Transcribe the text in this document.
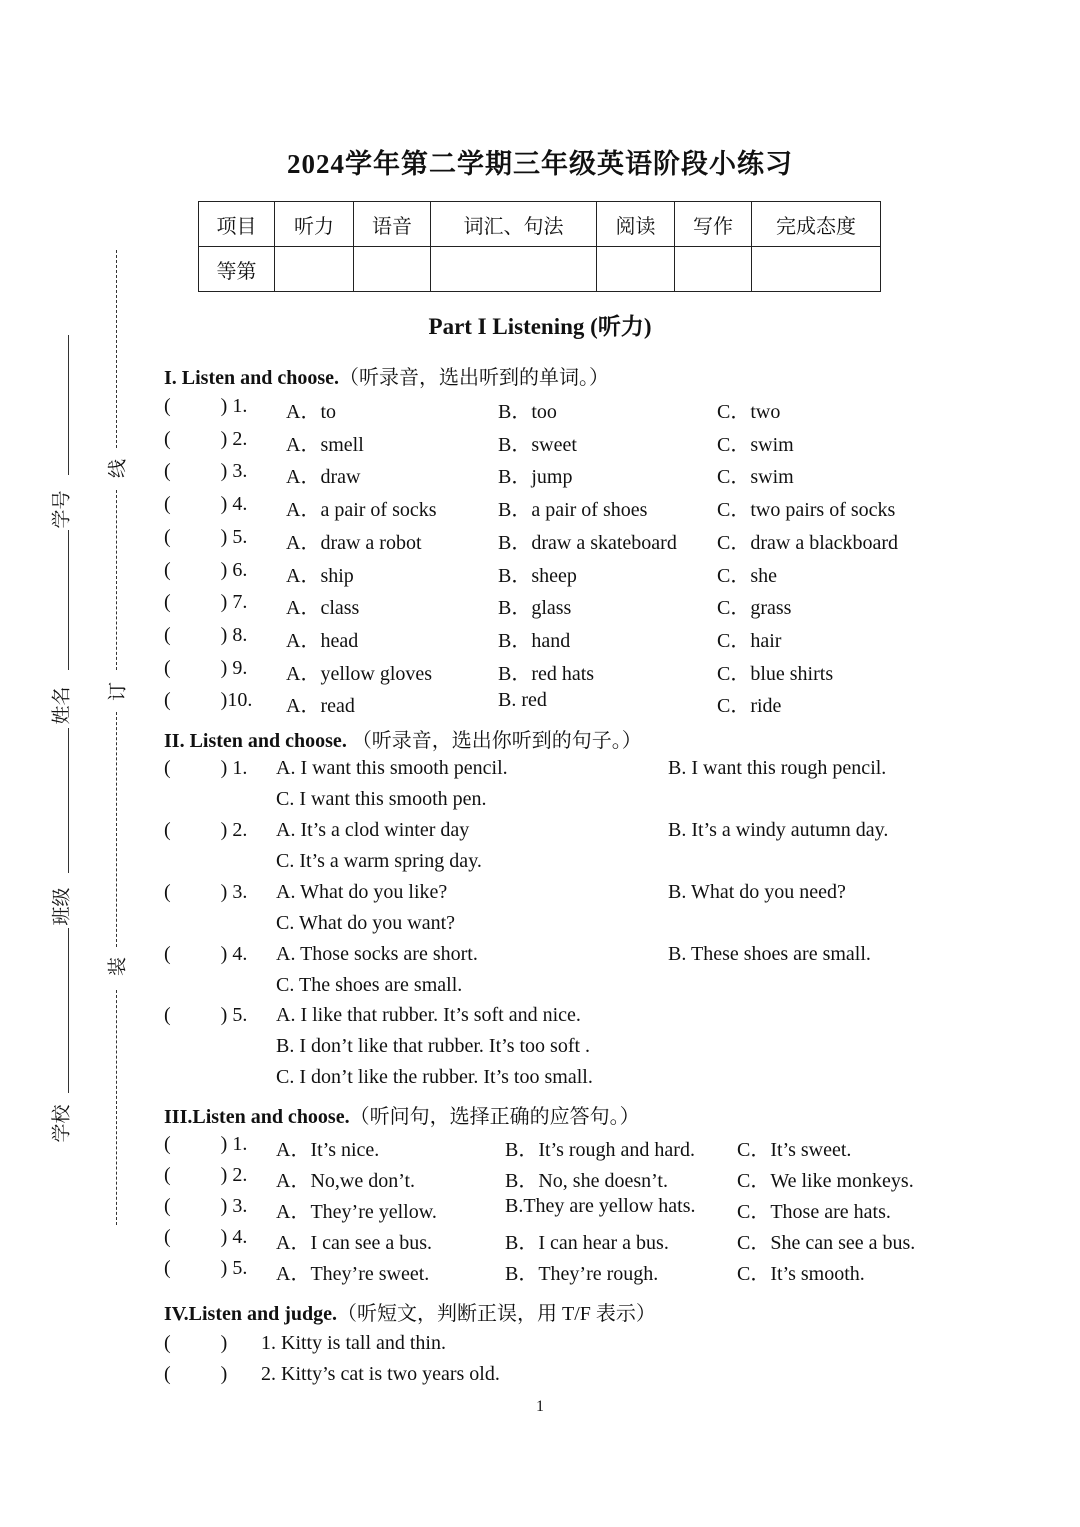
学号
姓名
班级
学校
线
订
装
2024学年第二学期三年级英语阶段小练习
项目	听力	语音	词汇、句法	阅读	写作	完成态度
等第						
Part I Listening (听力)
I. Listen and choose.（听录音，选出听到的单词。）
(    ) 1. A．to	B．too	C．two
(    ) 2. A．smell	B．sweet	C．swim
(    ) 3. A．draw	B．jump	C．swim
(    ) 4. A．a pair of socks	B．a pair of shoes	C．two pairs of socks
(    ) 5. A．draw a robot	B．draw a skateboard C．draw a blackboard
(    ) 6. A．ship	B．sheep	C．she
(    ) 7. A．class	B．glass	C．grass
(    ) 8. A．head	B．hand	C．hair
(    ) 9. A．yellow gloves	B．red hats	C．blue shirts
(    )10. A．read	B. red	C．ride
II. Listen and choose. （听录音，选出你听到的句子。）
(    ) 1. A. I want this smooth pencil.	B. I want this rough pencil.
C. I want this smooth pen.
(    ) 2. A. It’s a clod winter day	B. It’s a windy autumn day.
C. It’s a warm spring day.
(    ) 3. A. What do you like?	B. What do you need?
C. What do you want?
(    ) 4. A. Those socks are short.	B. These shoes are small.
C. The shoes are small.
(    ) 5. A. I like that rubber. It’s soft and nice.
B. I don’t like that rubber. It’s too soft .
C. I don’t like the rubber. It’s too small.
III.Listen and choose.（听问句，选择正确的应答句。）
(    ) 1. A．It’s nice.	B．It’s rough and hard. C．It’s sweet.
(    ) 2. A．No,we don’t.	B．No, she doesn’t.	C．We like monkeys.
(    ) 3. A．They’re yellow.	B.They are yellow hats. C．Those are hats.
(    ) 4. A．I can see a bus.	B．I can hear a bus.	C．She can see a bus.
(    ) 5. A．They’re sweet.	B．They’re rough.	C．It’s smooth.
IV.Listen and judge.（听短文，判断正误，用 T/F 表示）
(    ) 1. Kitty is tall and thin.
(    ) 2. Kitty’s cat is two years old.
1
